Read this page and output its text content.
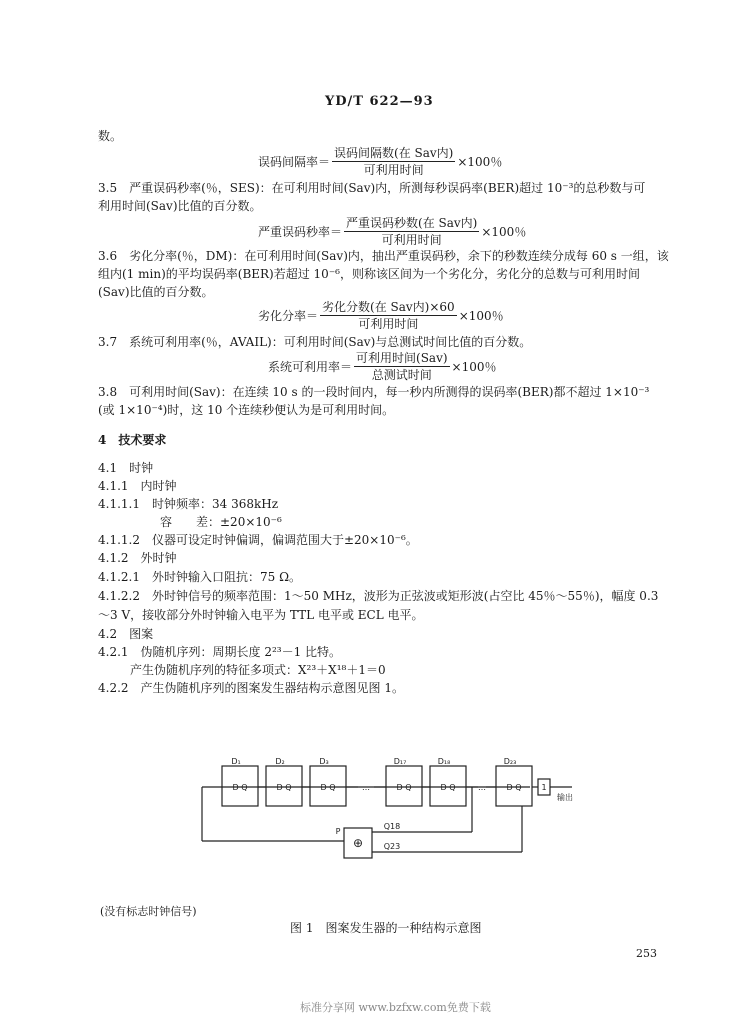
YD/T 622—93
数。
误码间隔率＝
误码间隔数(在 Sav内)
可利用时间
×100％
3.5　严重误码秒率(％，SES)：在可利用时间(Sav)内，所测每秒误码率(BER)超过 10⁻³的总秒数与可
利用时间(Sav)比值的百分数。
严重误码秒率＝
严重误码秒数(在 Sav内)
可利用时间
×100％
3.6　劣化分率(％，DM)：在可利用时间(Sav)内，抽出严重误码秒，余下的秒数连续分成每 60 s 一组，该
组内(1 min)的平均误码率(BER)若超过 10⁻⁶，则称该区间为一个劣化分，劣化分的总数与可利用时间
(Sav)比值的百分数。
劣化分率＝
劣化分数(在 Sav内)×60
可利用时间
×100％
3.7　系统可利用率(％，AVAIL)：可利用时间(Sav)与总测试时间比值的百分数。
系统可利用率＝
可利用时间(Sav)
总测试时间
×100％
3.8　可利用时间(Sav)：在连续 10 s 的一段时间内，每一秒内所测得的误码率(BER)都不超过 1×10⁻³
(或 1×10⁻⁴)时，这 10 个连续秒便认为是可利用时间。
4　技术要求
4.1　时钟
4.1.1　内时钟
4.1.1.1　时钟频率：34 368kHz
容　　差：±20×10⁻⁶
4.1.1.2　仪器可设定时钟偏调，偏调范围大于±20×10⁻⁶。
4.1.2　外时钟
4.1.2.1　外时钟输入口阻抗：75 Ω。
4.1.2.2　外时钟信号的频率范围：1～50 MHz，波形为正弦波或矩形波(占空比 45％～55％)，幅度 0.3
～3 V，接收部分外时钟输入电平为 TTL 电平或 ECL 电平。
4.2　图案
4.2.1　伪随机序列：周期长度 2²³－1 比特。
产生伪随机序列的特征多项式：X²³＋X¹⁸＋1＝0
4.2.2　产生伪随机序列的图案发生器结构示意图见图 1。
D₁	D₂	D₃	D₁₇	D₁₈	D₂₃
D Q	D Q	D Q	D Q	D Q	D Q
…	…	1
输出
P
⊕
Q18
Q23
(没有标志时钟信号)
图 1　图案发生器的一种结构示意图
253
标准分享网 www.bzfxw.com免费下载
